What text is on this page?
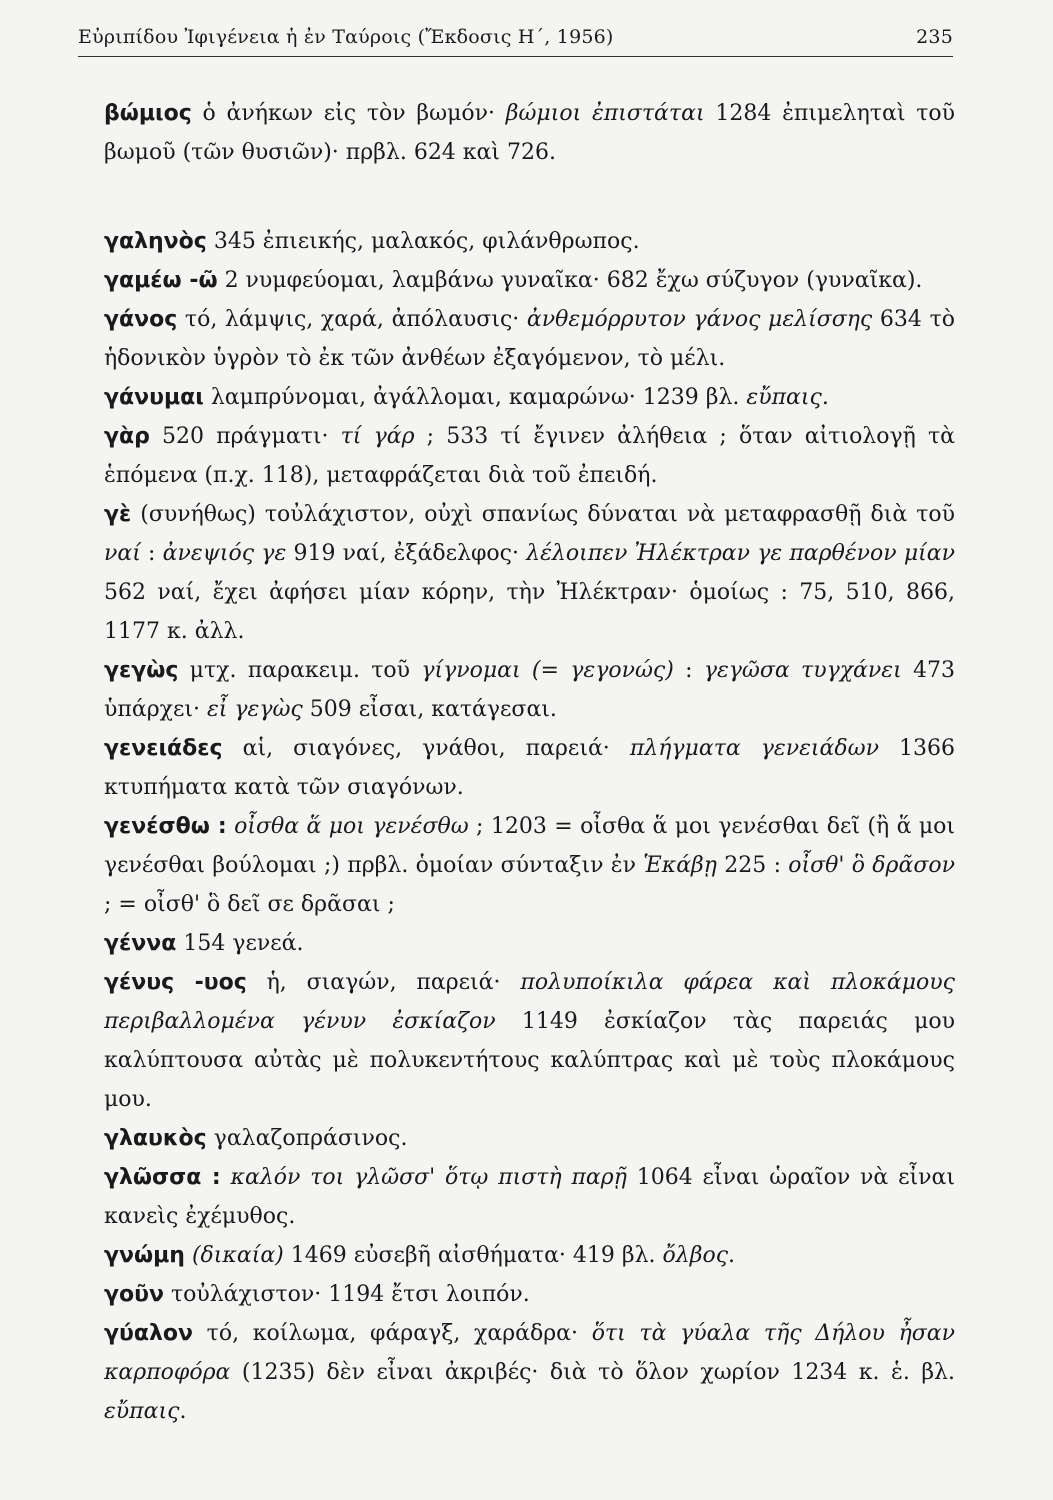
Εὐριπίδου Ἰφιγένεια ἡ ἐν Ταύροις (Ἔκδοσις Η΄, 1956)	235

βώμιος ὁ ἀνήκων εἰς τὸν βωμόν· βώμιοι ἐπιστάται 1284 ἐπιμεληταὶ τοῦ βωμοῦ (τῶν θυσιῶν)· πρβλ. 624 καὶ 726.

γαληνὸς 345 ἐπιεικής, μαλακός, φιλάνθρωπος.

γαμέω -ῶ 2 νυμφεύομαι, λαμβάνω γυναῖκα· 682 ἔχω σύζυγον (γυναῖκα).

γάνος τό, λάμψις, χαρά, ἀπόλαυσις· ἀνθεμόρρυτον γάνος μελίσσης 634 τὸ ἡδονικὸν ὑγρὸν τὸ ἐκ τῶν ἀνθέων ἐξαγόμενον, τὸ μέλι.

γάνυμαι λαμπρύνομαι, ἀγάλλομαι, καμαρώνω· 1239 βλ. εὔπαις.

γὰρ 520 πράγματι· τί γάρ ; 533 τί ἔγινεν ἀλήθεια ; ὅταν αἰτιολογῇ τὰ ἑπόμενα (π.χ. 118), μεταφράζεται διὰ τοῦ ἐπειδή.

γὲ (συνήθως) τοὐλάχιστον, οὐχὶ σπανίως δύναται νὰ μεταφρασθῇ διὰ τοῦ ναί : ἀνεψιός γε 919 ναί, ἐξάδελφος· λέλοιπεν Ἠλέκτραν γε παρθένον μίαν 562 ναί, ἔχει ἀφήσει μίαν κόρην, τὴν Ἠλέκτραν· ὁμοίως : 75, 510, 866, 1177 κ. ἀλλ.

γεγὼς μτχ. παρακειμ. τοῦ γίγνομαι (= γεγονώς) : γεγῶσα τυγχάνει 473 ὑπάρχει· εἶ γεγὼς 509 εἶσαι, κατάγεσαι.

γενειάδες αἱ, σιαγόνες, γνάθοι, παρειά· πλήγματα γενειάδων 1366 κτυπήματα κατὰ τῶν σιαγόνων.

γενέσθω : οἶσθα ἅ μοι γενέσθω ; 1203 = οἶσθα ἅ μοι γενέσθαι δεῖ (ἢ ἅ μοι γενέσθαι βούλομαι ;) πρβλ. ὁμοίαν σύνταξιν ἐν Ἑκάβῃ 225 : οἶσθ' ὃ δρᾶσον ; = οἶσθ' ὃ δεῖ σε δρᾶσαι ;

γέννα 154 γενεά.

γένυς -υος ἡ, σιαγών, παρειά· πολυποίκιλα φάρεα καὶ πλοκάμους περιβαλλομένα γένυν ἐσκίαζον 1149 ἐσκίαζον τὰς παρειάς μου καλύπτουσα αὐτὰς μὲ πολυκεντήτους καλύπτρας καὶ μὲ τοὺς πλοκάμους μου.

γλαυκὸς γαλαζοπράσινος.

γλῶσσα : καλόν τοι γλῶσσ' ὅτῳ πιστὴ παρῇ 1064 εἶναι ὡραῖον νὰ εἶναι κανεὶς ἐχέμυθος.

γνώμη (δικαία) 1469 εὐσεβῆ αἰσθήματα· 419 βλ. ὄλβος.

γοῦν τοὐλάχιστον· 1194 ἔτσι λοιπόν.

γύαλον τό, κοίλωμα, φάραγξ, χαράδρα· ὅτι τὰ γύαλα τῆς Δήλου ἦσαν καρποφόρα (1235) δὲν εἶναι ἀκριβές· διὰ τὸ ὅλον χωρίον 1234 κ. ἑ. βλ. εὔπαις.
